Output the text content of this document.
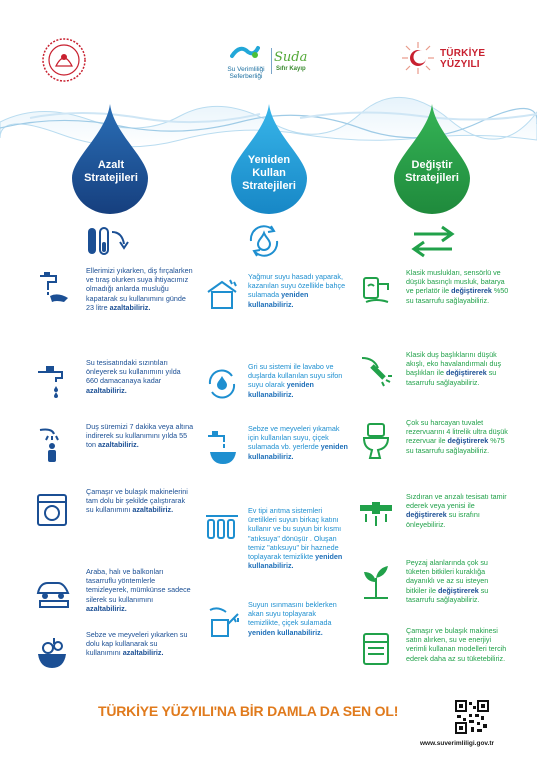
Su Verimliliği Seferberliği
Suda
Sıfır Kayıp
TÜRKİYE YÜZYILI
Azalt Stratejileri
Yeniden Kullan Stratejileri
Değiştir Stratejileri
Ellerimizi yıkarken, diş fırçalarken ve tıraş olurken suya ihtiyacımız olmadığı anlarda musluğu kapatarak su kullanımını günde 23 litre azaltabiliriz.
Su tesisatındaki sızıntıları önleyerek su kullanımını yılda 660 damacanaya kadar azaltabiliriz.
Duş süremizi 7 dakika veya altına indirerek su kullanımını yılda 55 ton azaltabiliriz.
Çamaşır ve bulaşık makinelerini tam dolu bir şekilde çalıştırarak su kullanımını azaltabiliriz.
Araba, halı ve balkonları tasarruflu yöntemlerle temizleyerek, mümkünse sadece silerek su kullanımını azaltabiliriz.
Sebze ve meyveleri yıkarken su dolu kap kullanarak su kullanımını azaltabiliriz.
Yağmur suyu hasadı yaparak, kazanılan suyu özellikle bahçe sulamada yeniden kullanabiliriz.
Gri su sistemi ile lavabo ve duşlarda kullanılan suyu sifon suyu olarak yeniden kullanabiliriz.
Sebze ve meyveleri yıkamak için kullanılan suyu, çiçek sulamada vb. yerlerde yeniden kullanabiliriz.
Ev tipi arıtma sistemleri üretilkleri suyun birkaç katını kullanır ve bu suyun bir kısmı "atıksuya" dönüşür . Oluşan temiz "atıksuyu" bir haznede toplayarak temizlikte yeniden kullanabiliriz.
Suyun ısınmasını beklerken akan suyu toplayarak temizlikte, çiçek sulamada yeniden kullanabiliriz.
Klasik muslukları, sensörlü ve düşük basınçlı musluk, batarya ve perlatör ile değiştirerek %50 su tasarrufu sağlayabiliriz.
Klasik duş başlıklarını düşük akışlı, eko havalandırmalı duş başlıkları ile değiştirerek su tasarrufu sağlayabiliriz.
Çok su harcayan tuvalet rezervuarını 4 litrelik ultra düşük rezervuar ile değiştirerek %75 su tasarrufu sağlayabiliriz.
Sızdıran ve arızalı tesisatı tamir ederek veya yenisi ile değiştirerek su israfını önleyebiliriz.
Peyzaj alanlarında çok su tüketen bitkileri kuraklığa dayanıklı ve az su isteyen bitkiler ile değiştirerek su tasarrufu sağlayabiliriz.
Çamaşır ve bulaşık makinesi satın alırken, su ve enerjiyi verimli kullanan modelleri tercih ederek daha az su tüketebiliriz.
TÜRKİYE YÜZYILI'NA BİR DAMLA DA SEN OL!
www.suverimliligi.gov.tr
